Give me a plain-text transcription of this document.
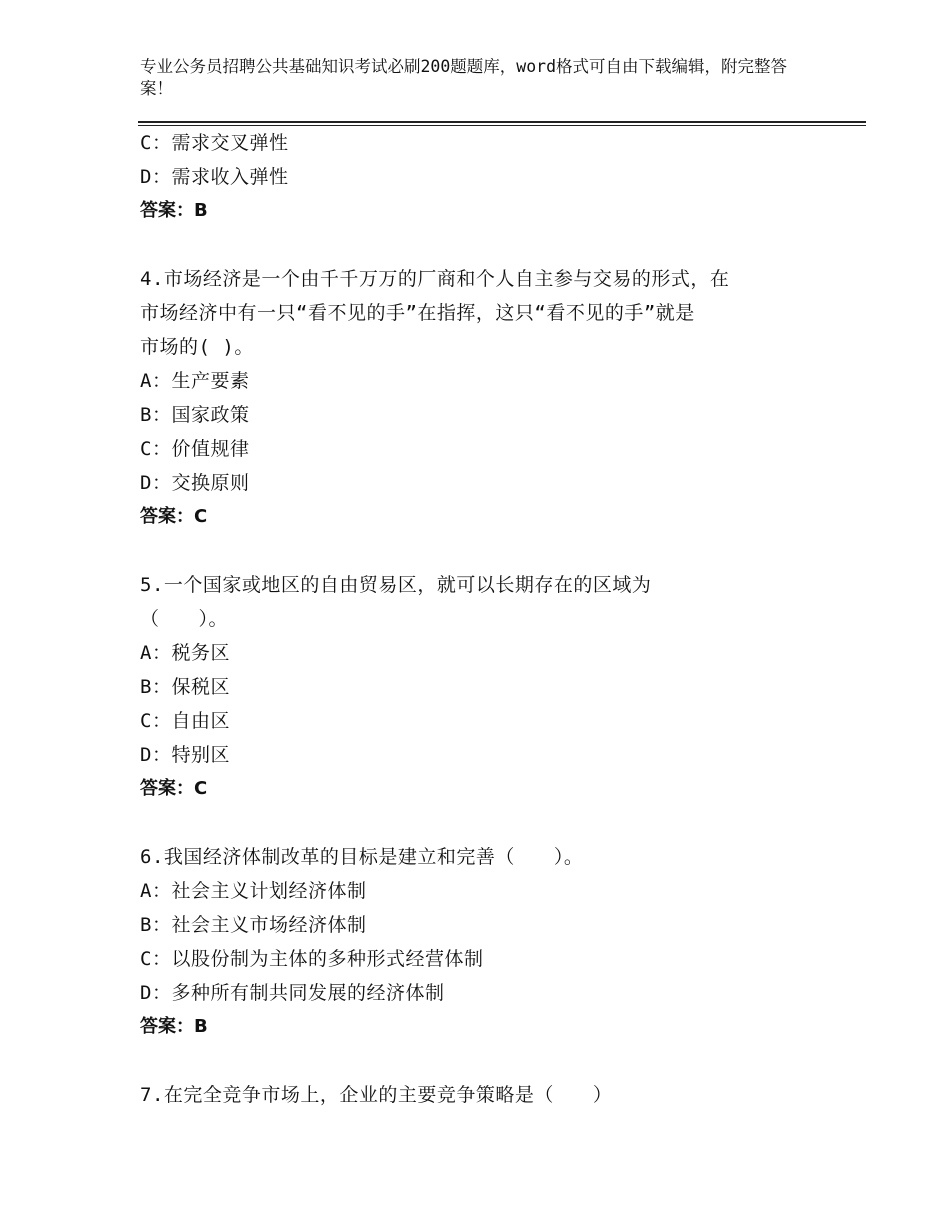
专业公务员招聘公共基础知识考试必刷200题题库，word格式可自由下载编辑，附完整答案！
C：需求交叉弹性
D：需求收入弹性
答案：B
4.市场经济是一个由千千万万的厂商和个人自主参与交易的形式，在
市场经济中有一只“看不见的手”在指挥，这只“看不见的手”就是
市场的( )。
A：生产要素
B：国家政策
C：价值规律
D：交换原则
答案：C
5.一个国家或地区的自由贸易区，就可以长期存在的区域为
（　　）。
A：税务区
B：保税区
C：自由区
D：特别区
答案：C
6.我国经济体制改革的目标是建立和完善（　　）。
A：社会主义计划经济体制
B：社会主义市场经济体制
C：以股份制为主体的多种形式经营体制
D：多种所有制共同发展的经济体制
答案：B
7.在完全竞争市场上，企业的主要竞争策略是（　　）
